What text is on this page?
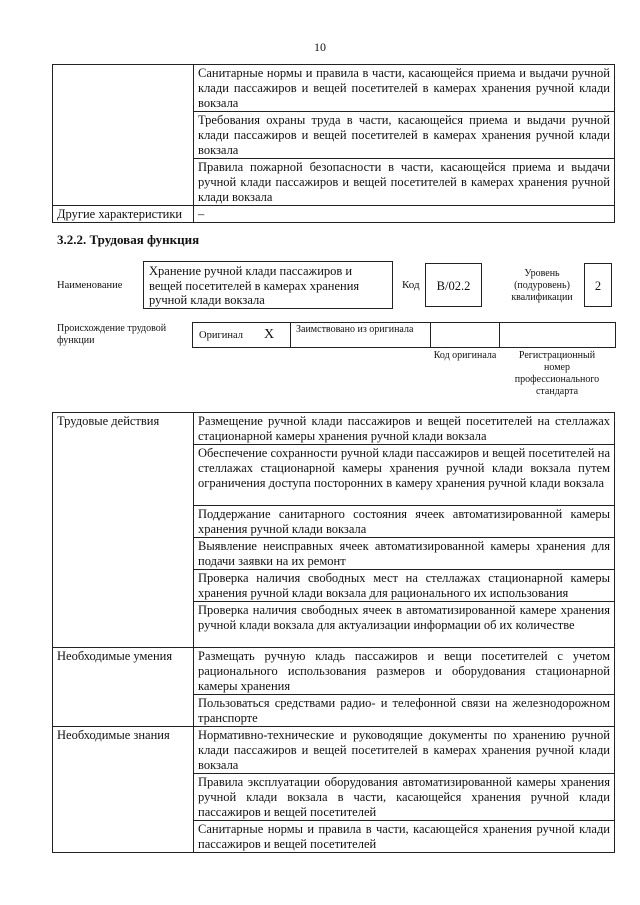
10
	Санитарные нормы и правила в части, касающейся приема и выдачи ручной клади пассажиров и вещей посетителей в камерах хранения ручной клади вокзала
	Требования охраны труда в части, касающейся приема и выдачи ручной клади пассажиров и вещей посетителей в камерах хранения ручной клади вокзала
	Правила пожарной безопасности в части, касающейся приема и выдачи ручной клади пассажиров и вещей посетителей в камерах хранения ручной клади вокзала
Другие характеристики	–
3.2.2. Трудовая функция
Наименование
Хранение ручной клади пассажиров и вещей посетителей в камерах хранения ручной клади вокзала
Код	B/02.2
Уровень (подуровень) квалификации
2
Происхождение трудовой функции	Оригинал X Заимствовано из оригинала
Код оригинала	Регистрационный номер профессионального стандарта
Трудовые действия	Размещение ручной клади пассажиров и вещей посетителей на стеллажах стационарной камеры хранения ручной клади вокзала
	Обеспечение сохранности ручной клади пассажиров и вещей посетителей на стеллажах стационарной камеры хранения ручной клади вокзала путем ограничения доступа посторонних в камеру хранения ручной клади вокзала
	Поддержание санитарного состояния ячеек автоматизированной камеры хранения ручной клади вокзала
	Выявление неисправных ячеек автоматизированной камеры хранения для подачи заявки на их ремонт
	Проверка наличия свободных мест на стеллажах стационарной камеры хранения ручной клади вокзала для рационального их использования
	Проверка наличия свободных ячеек в автоматизированной камере хранения ручной клади вокзала для актуализации информации об их количестве
Необходимые умения	Размещать ручную кладь пассажиров и вещи посетителей с учетом рационального использования размеров и оборудования стационарной камеры хранения
	Пользоваться средствами радио- и телефонной связи на железнодорожном транспорте
Необходимые знания	Нормативно-технические и руководящие документы по хранению ручной клади пассажиров и вещей посетителей в камерах хранения ручной клади вокзала
	Правила эксплуатации оборудования автоматизированной камеры хранения ручной клади вокзала в части, касающейся хранения ручной клади пассажиров и вещей посетителей
	Санитарные нормы и правила в части, касающейся хранения ручной клади пассажиров и вещей посетителей
